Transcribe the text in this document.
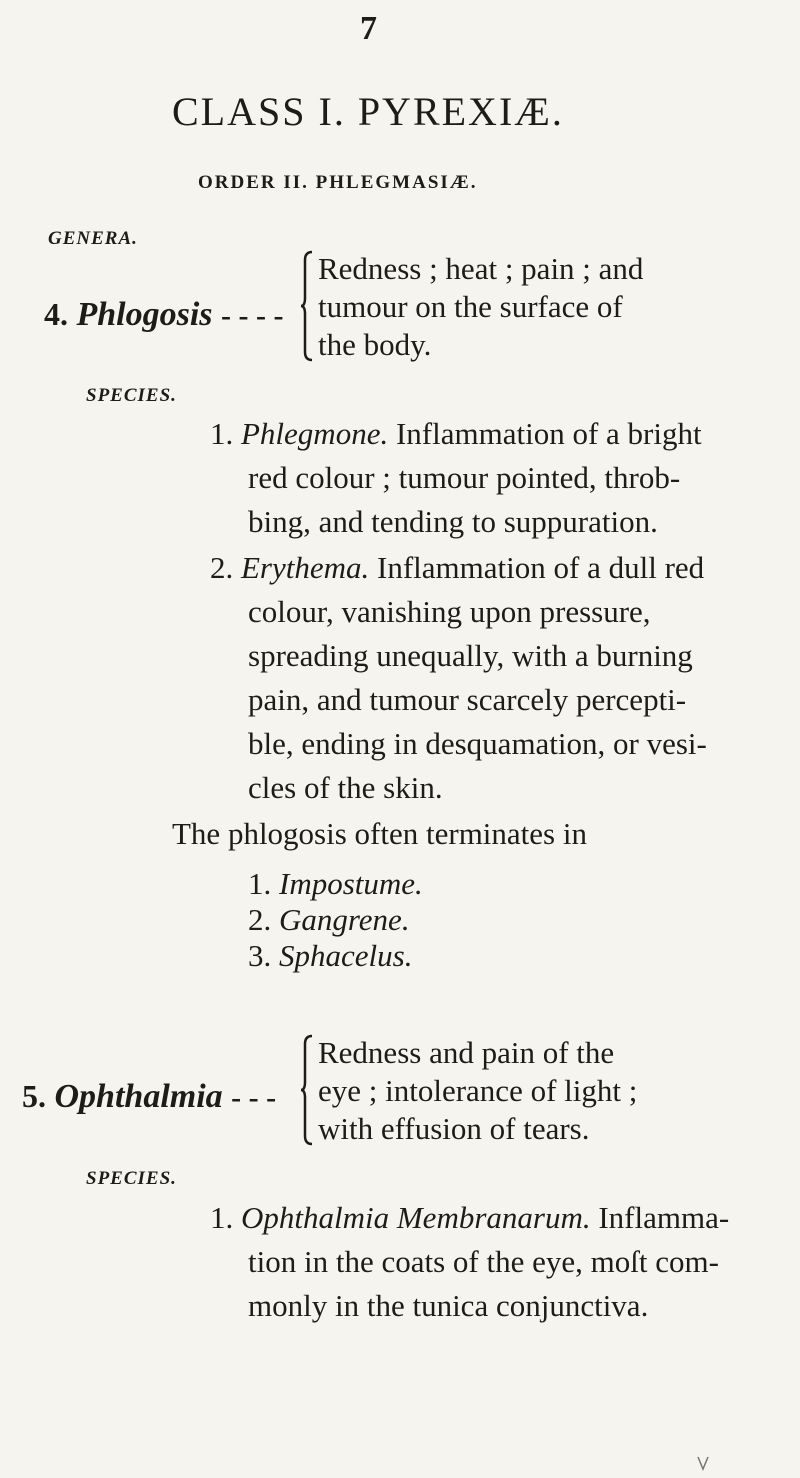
7
CLASS I. PYREXIÆ.
ORDER II. PHLEGMASIÆ.
GENERA.
4. Phlogosis - - - -
Redness ; heat ; pain ; and
tumour on the surface of
the body.
SPECIES.
1. Phlegmone. Inflammation of a bright
red colour ; tumour pointed, throb-
bing, and tending to suppuration.
2. Erythema. Inflammation of a dull red
colour, vanishing upon pressure,
spreading unequally, with a burning
pain, and tumour scarcely percepti-
ble, ending in desquamation, or vesi-
cles of the skin.
The phlogosis often terminates in
1. Impostume.
2. Gangrene.
3. Sphacelus.
5. Ophthalmia - - -
Redness and pain of the
eye ; intolerance of light ;
with effusion of tears.
SPECIES.
1. Ophthalmia Membranarum. Inflamma-
tion in the coats of the eye, moſt com-
monly in the tunica conjunctiva.
